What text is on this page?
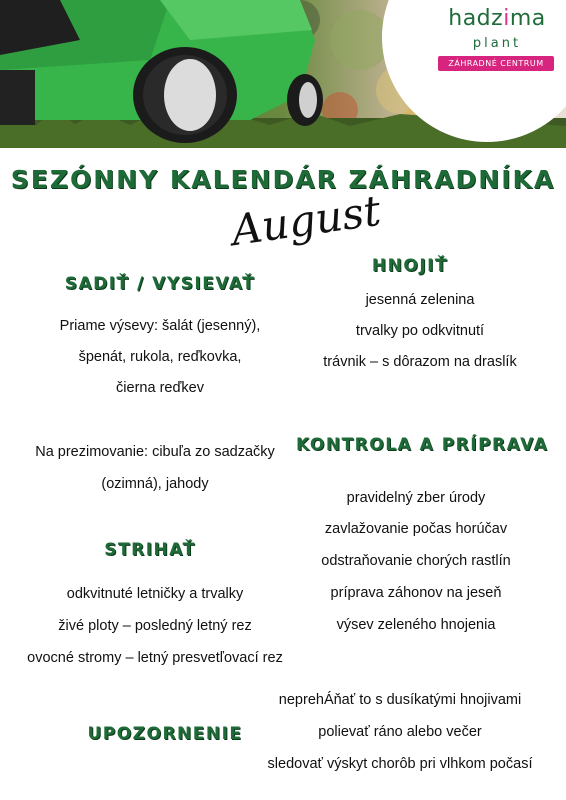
hadzima
plant
ZÁHRADNÉ CENTRUM
SEZÓNNY KALENDÁR ZÁHRADNÍKA
August
SADIŤ / VYSIEVAŤ
Priame výsevy: šalát (jesenný),
špenát, rukola, reďkovka,
čierna reďkev
Na prezimovanie: cibuľa zo sadzačky
(ozimná), jahody
HNOJIŤ
jesenná zelenina
trvalky po odkvitnutí
trávnik – s dôrazom na draslík
KONTROLA A PRÍPRAVA
pravidelný zber úrody
zavlažovanie počas horúčav
odstraňovanie chorých rastlín
príprava záhonov na jeseň
výsev zeleného hnojenia
STRIHAŤ
odkvitnuté letničky a trvalky
živé ploty – posledný letný rez
ovocné stromy – letný presvetľovací rez
UPOZORNENIE
neprehÁňať to s dusíkatými hnojivami
polievať ráno alebo večer
sledovať výskyt chorôb pri vlhkom počasí
